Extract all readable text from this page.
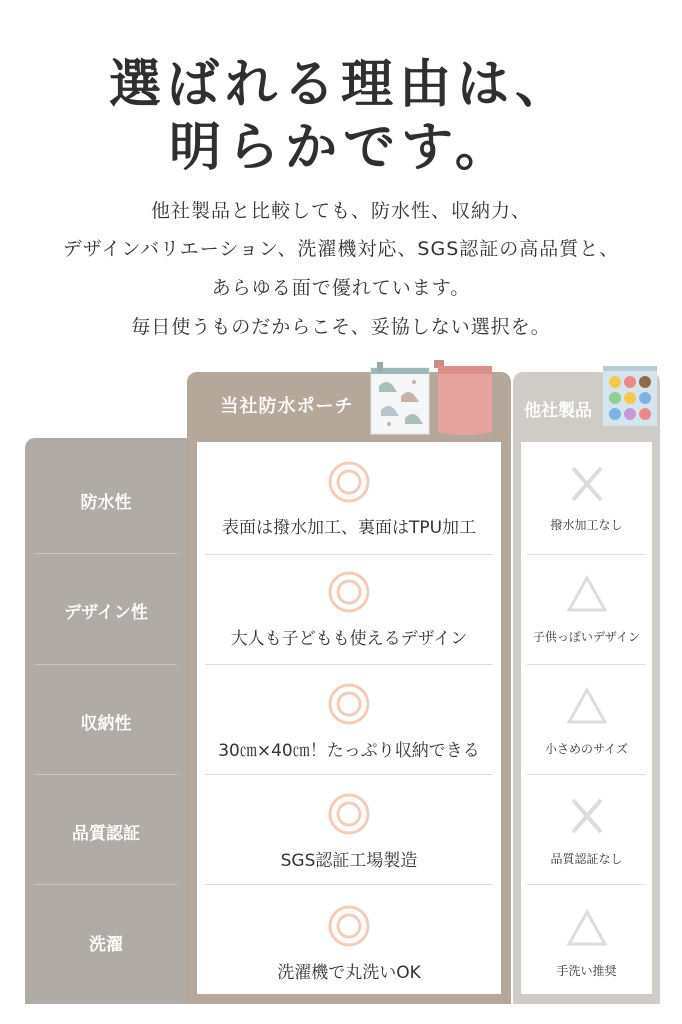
選ばれる理由は、
明らかです。
他社製品と比較しても、防水性、収納力、
デザインバリエーション、洗濯機対応、SGS認証の高品質と、
あらゆる面で優れています。
毎日使うものだからこそ、妥協しない選択を。
防水性
デザイン性
収納性
品質認証
洗濯
当社防水ポーチ
表面は撥水加工、裏面はTPU加工
大人も子どもも使えるデザイン
30㎝×40㎝！たっぷり収納できる
SGS認証工場製造
洗濯機で丸洗いOK
他社製品
撥水加工なし
子供っぽいデザイン
小さめのサイズ
品質認証なし
手洗い推奨
